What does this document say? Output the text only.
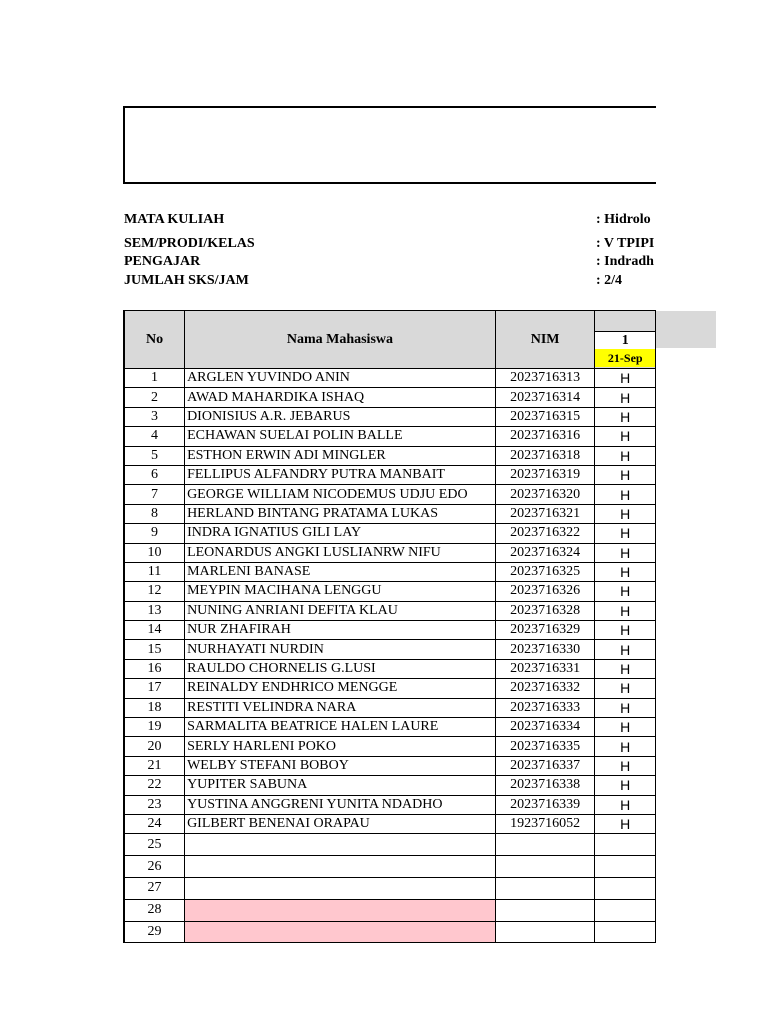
MATA KULIAH	: Hidrolo
SEM/PRODI/KELAS	: V TPIPI
PENGAJAR	: Indradh
JUMLAH SKS/JAM	: 2/4
No	Nama Mahasiswa	NIM	1
21-Sep

1	ARGLEN YUVINDO ANIN	2023716313	H
2	AWAD MAHARDIKA ISHAQ	2023716314	H
3	DIONISIUS A.R. JEBARUS	2023716315	H
4	ECHAWAN SUELAI POLIN BALLE	2023716316	H
5	ESTHON ERWIN ADI MINGLER	2023716318	H
6	FELLIPUS ALFANDRY PUTRA MANBAIT	2023716319	H
7	GEORGE WILLIAM NICODEMUS UDJU EDO	2023716320	H
8	HERLAND BINTANG PRATAMA LUKAS	2023716321	H
9	INDRA IGNATIUS GILI LAY	2023716322	H
10	LEONARDUS ANGKI LUSLIANRW NIFU	2023716324	H
11	MARLENI BANASE	2023716325	H
12	MEYPIN MACIHANA LENGGU	2023716326	H
13	NUNING ANRIANI DEFITA KLAU	2023716328	H
14	NUR ZHAFIRAH	2023716329	H
15	NURHAYATI NURDIN	2023716330	H
16	RAULDO CHORNELIS G.LUSI	2023716331	H
17	REINALDY ENDHRICO MENGGE	2023716332	H
18	RESTITI VELINDRA NARA	2023716333	H
19	SARMALITA BEATRICE HALEN LAURE	2023716334	H
20	SERLY HARLENI POKO	2023716335	H
21	WELBY STEFANI BOBOY	2023716337	H
22	YUPITER SABUNA	2023716338	H
23	YUSTINA ANGGRENI YUNITA NDADHO	2023716339	H
24	GILBERT BENENAI ORAPAU	1923716052	H
25			
26			
27			
28			
29			
